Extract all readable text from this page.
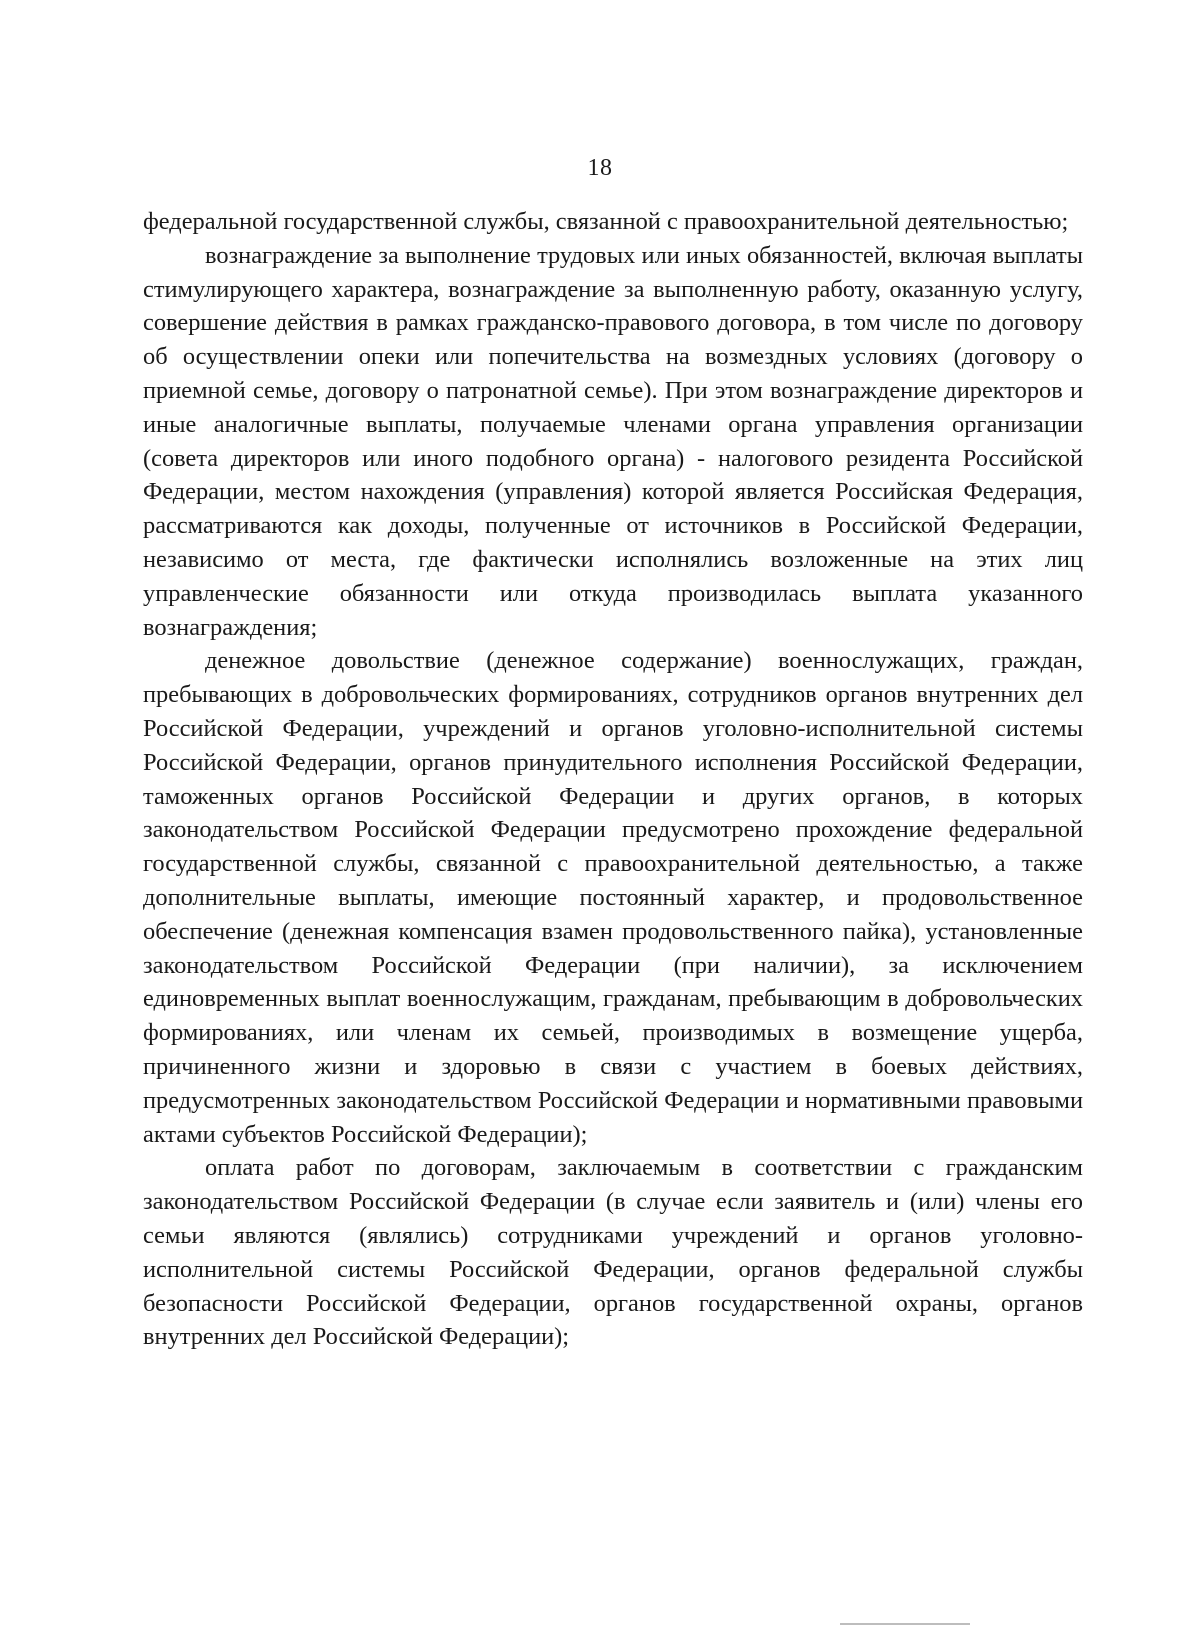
18

федеральной государственной службы, связанной с правоохранительной деятельностью;

вознаграждение за выполнение трудовых или иных обязанностей, включая выплаты стимулирующего характера, вознаграждение за выполненную работу, оказанную услугу, совершение действия в рамках гражданско-правового договора, в том числе по договору об осуществлении опеки или попечительства на возмездных условиях (договору о приемной семье, договору о патронатной семье). При этом вознаграждение директоров и иные аналогичные выплаты, получаемые членами органа управления организации (совета директоров или иного подобного органа) - налогового резидента Российской Федерации, местом нахождения (управления) которой является Российская Федерация, рассматриваются как доходы, полученные от источников в Российской Федерации, независимо от места, где фактически исполнялись возложенные на этих лиц управленческие обязанности или откуда производилась выплата указанного вознаграждения;

денежное довольствие (денежное содержание) военнослужащих, граждан, пребывающих в добровольческих формированиях, сотрудников органов внутренних дел Российской Федерации, учреждений и органов уголовно-исполнительной системы Российской Федерации, органов принудительного исполнения Российской Федерации, таможенных органов Российской Федерации и других органов, в которых законодательством Российской Федерации предусмотрено прохождение федеральной государственной службы, связанной с правоохранительной деятельностью, а также дополнительные выплаты, имеющие постоянный характер, и продовольственное обеспечение (денежная компенсация взамен продовольственного пайка), установленные законодательством Российской Федерации (при наличии), за исключением единовременных выплат военнослужащим, гражданам, пребывающим в добровольческих формированиях, или членам их семьей, производимых в возмещение ущерба, причиненного жизни и здоровью в связи с участием в боевых действиях, предусмотренных законодательством Российской Федерации и нормативными правовыми актами субъектов Российской Федерации);

оплата работ по договорам, заключаемым в соответствии с гражданским законодательством Российской Федерации (в случае если заявитель и (или) члены его семьи являются (являлись) сотрудниками учреждений и органов уголовно-исполнительной системы Российской Федерации, органов федеральной службы безопасности Российской Федерации, органов государственной охраны, органов внутренних дел Российской Федерации);
